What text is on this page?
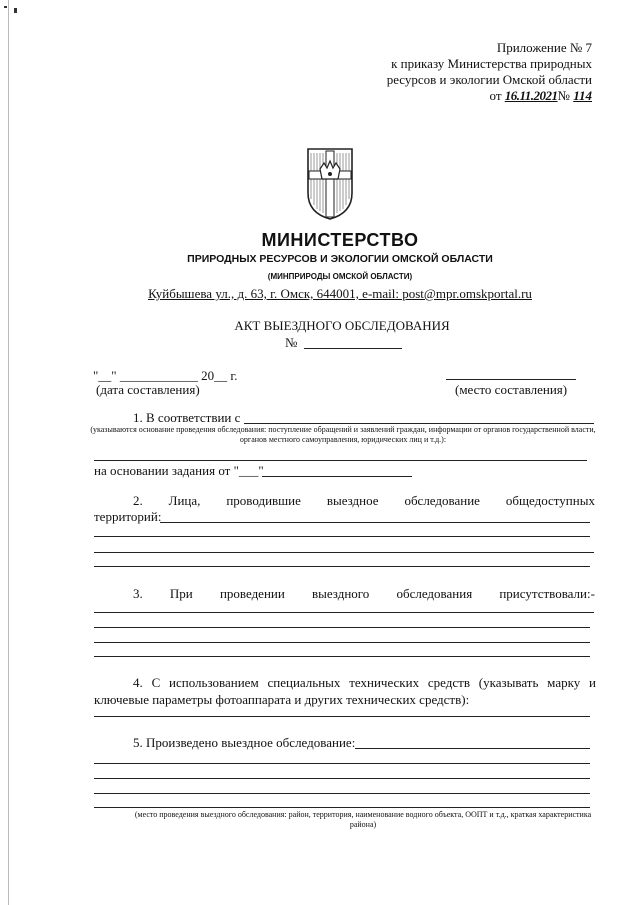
Приложение № 7
к приказу Министерства природных
ресурсов и экологии Омской области
от 16.11.2021№ 114
МИНИСТЕРСТВО
ПРИРОДНЫХ РЕСУРСОВ И ЭКОЛОГИИ ОМСКОЙ ОБЛАСТИ
(МИНПРИРОДЫ ОМСКОЙ ОБЛАСТИ)
Куйбышева ул., д. 63, г. Омск, 644001, e-mail: post@mpr.omskportal.ru
АКТ ВЫЕЗДНОГО ОБСЛЕДОВАНИЯ
№
"__" ____________ 20__ г.
(дата составления)	(место составления)
1. В соответствии с
(указываются основание проведения обследования: поступление обращений и заявлений граждан, информации от органов государственной власти, органов местного самоуправления, юридических лиц и т.д.):
на основании задания от "___"
2. Лица, проводившие выездное обследование общедоступных
территорий:
3. При проведении выездного обследования присутствовали:-
4. С использованием специальных технических средств (указывать марку и ключевые параметры фотоаппарата и других технических средств):
5. Произведено выездное обследование:
(место проведения выездного обследования: район, территория, наименование водного объекта, ООПТ и т.д., краткая характеристика района)
